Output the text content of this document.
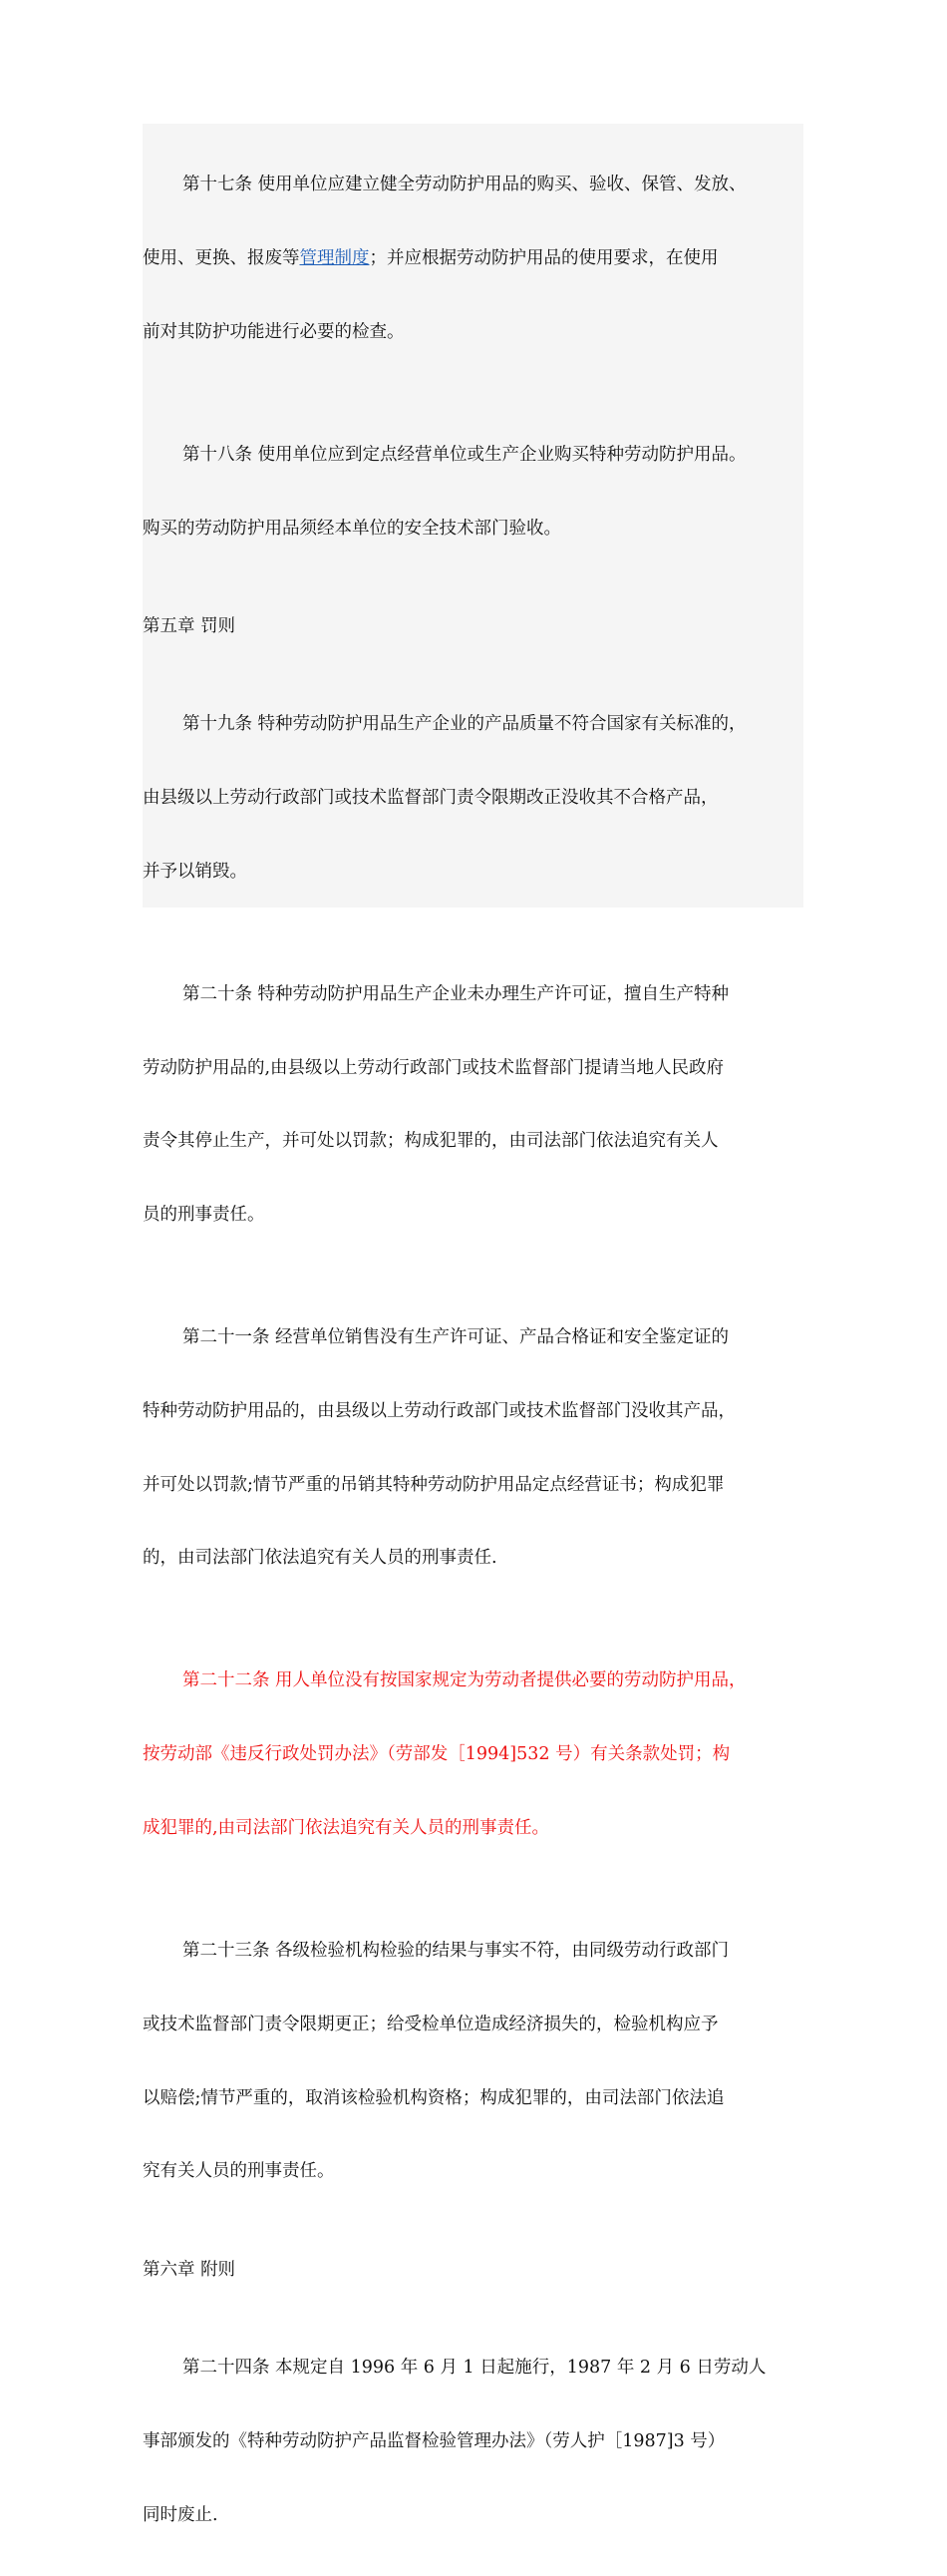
第十七条 使用单位应建立健全劳动防护用品的购买、验收、保管、发放、

使用、更换、报废等管理制度；并应根据劳动防护用品的使用要求，在使用

前对其防护功能进行必要的检查。

第十八条 使用单位应到定点经营单位或生产企业购买特种劳动防护用品。

购买的劳动防护用品须经本单位的安全技术部门验收。

第五章 罚则

第十九条 特种劳动防护用品生产企业的产品质量不符合国家有关标准的，

由县级以上劳动行政部门或技术监督部门责令限期改正没收其不合格产品，

并予以销毁。

第二十条 特种劳动防护用品生产企业未办理生产许可证，擅自生产特种

劳动防护用品的,由县级以上劳动行政部门或技术监督部门提请当地人民政府

责令其停止生产，并可处以罚款；构成犯罪的，由司法部门依法追究有关人

员的刑事责任。

第二十一条 经营单位销售没有生产许可证、产品合格证和安全鉴定证的

特种劳动防护用品的，由县级以上劳动行政部门或技术监督部门没收其产品，

并可处以罚款;情节严重的吊销其特种劳动防护用品定点经营证书；构成犯罪

的，由司法部门依法追究有关人员的刑事责任.

第二十二条 用人单位没有按国家规定为劳动者提供必要的劳动防护用品，

按劳动部《违反行政处罚办法》（劳部发［1994]532 号）有关条款处罚；构

成犯罪的,由司法部门依法追究有关人员的刑事责任。

第二十三条 各级检验机构检验的结果与事实不符，由同级劳动行政部门

或技术监督部门责令限期更正；给受检单位造成经济损失的，检验机构应予

以赔偿;情节严重的，取消该检验机构资格；构成犯罪的，由司法部门依法追

究有关人员的刑事责任。

第六章 附则

第二十四条 本规定自 1996 年 6 月 1 日起施行，1987 年 2 月 6 日劳动人

事部颁发的《特种劳动防护产品监督检验管理办法》（劳人护［1987]3 号）

同时废止.
